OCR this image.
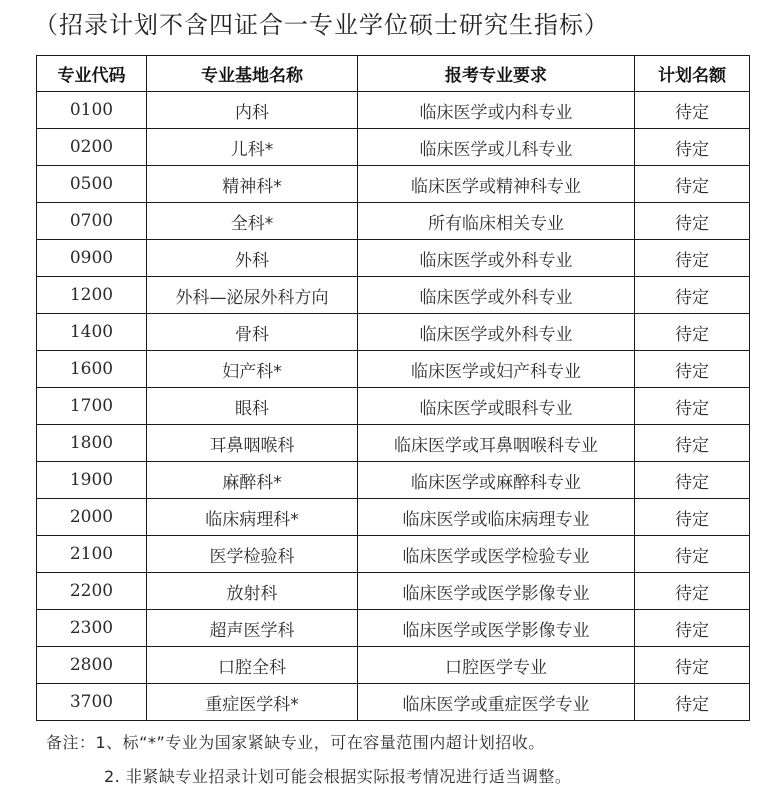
（招录计划不含四证合一专业学位硕士研究生指标）
专业代码	专业基地名称	报考专业要求	计划名额
0100	内科	临床医学或内科专业	待定
0200	儿科*	临床医学或儿科专业	待定
0500	精神科*	临床医学或精神科专业	待定
0700	全科*	所有临床相关专业	待定
0900	外科	临床医学或外科专业	待定
1200	外科—泌尿外科方向	临床医学或外科专业	待定
1400	骨科	临床医学或外科专业	待定
1600	妇产科*	临床医学或妇产科专业	待定
1700	眼科	临床医学或眼科专业	待定
1800	耳鼻咽喉科	临床医学或耳鼻咽喉科专业	待定
1900	麻醉科*	临床医学或麻醉科专业	待定
2000	临床病理科*	临床医学或临床病理专业	待定
2100	医学检验科	临床医学或医学检验专业	待定
2200	放射科	临床医学或医学影像专业	待定
2300	超声医学科	临床医学或医学影像专业	待定
2800	口腔全科	口腔医学专业	待定
3700	重症医学科*	临床医学或重症医学专业	待定
备注：1、标“*”专业为国家紧缺专业，可在容量范围内超计划招收。
2. 非紧缺专业招录计划可能会根据实际报考情况进行适当调整。
